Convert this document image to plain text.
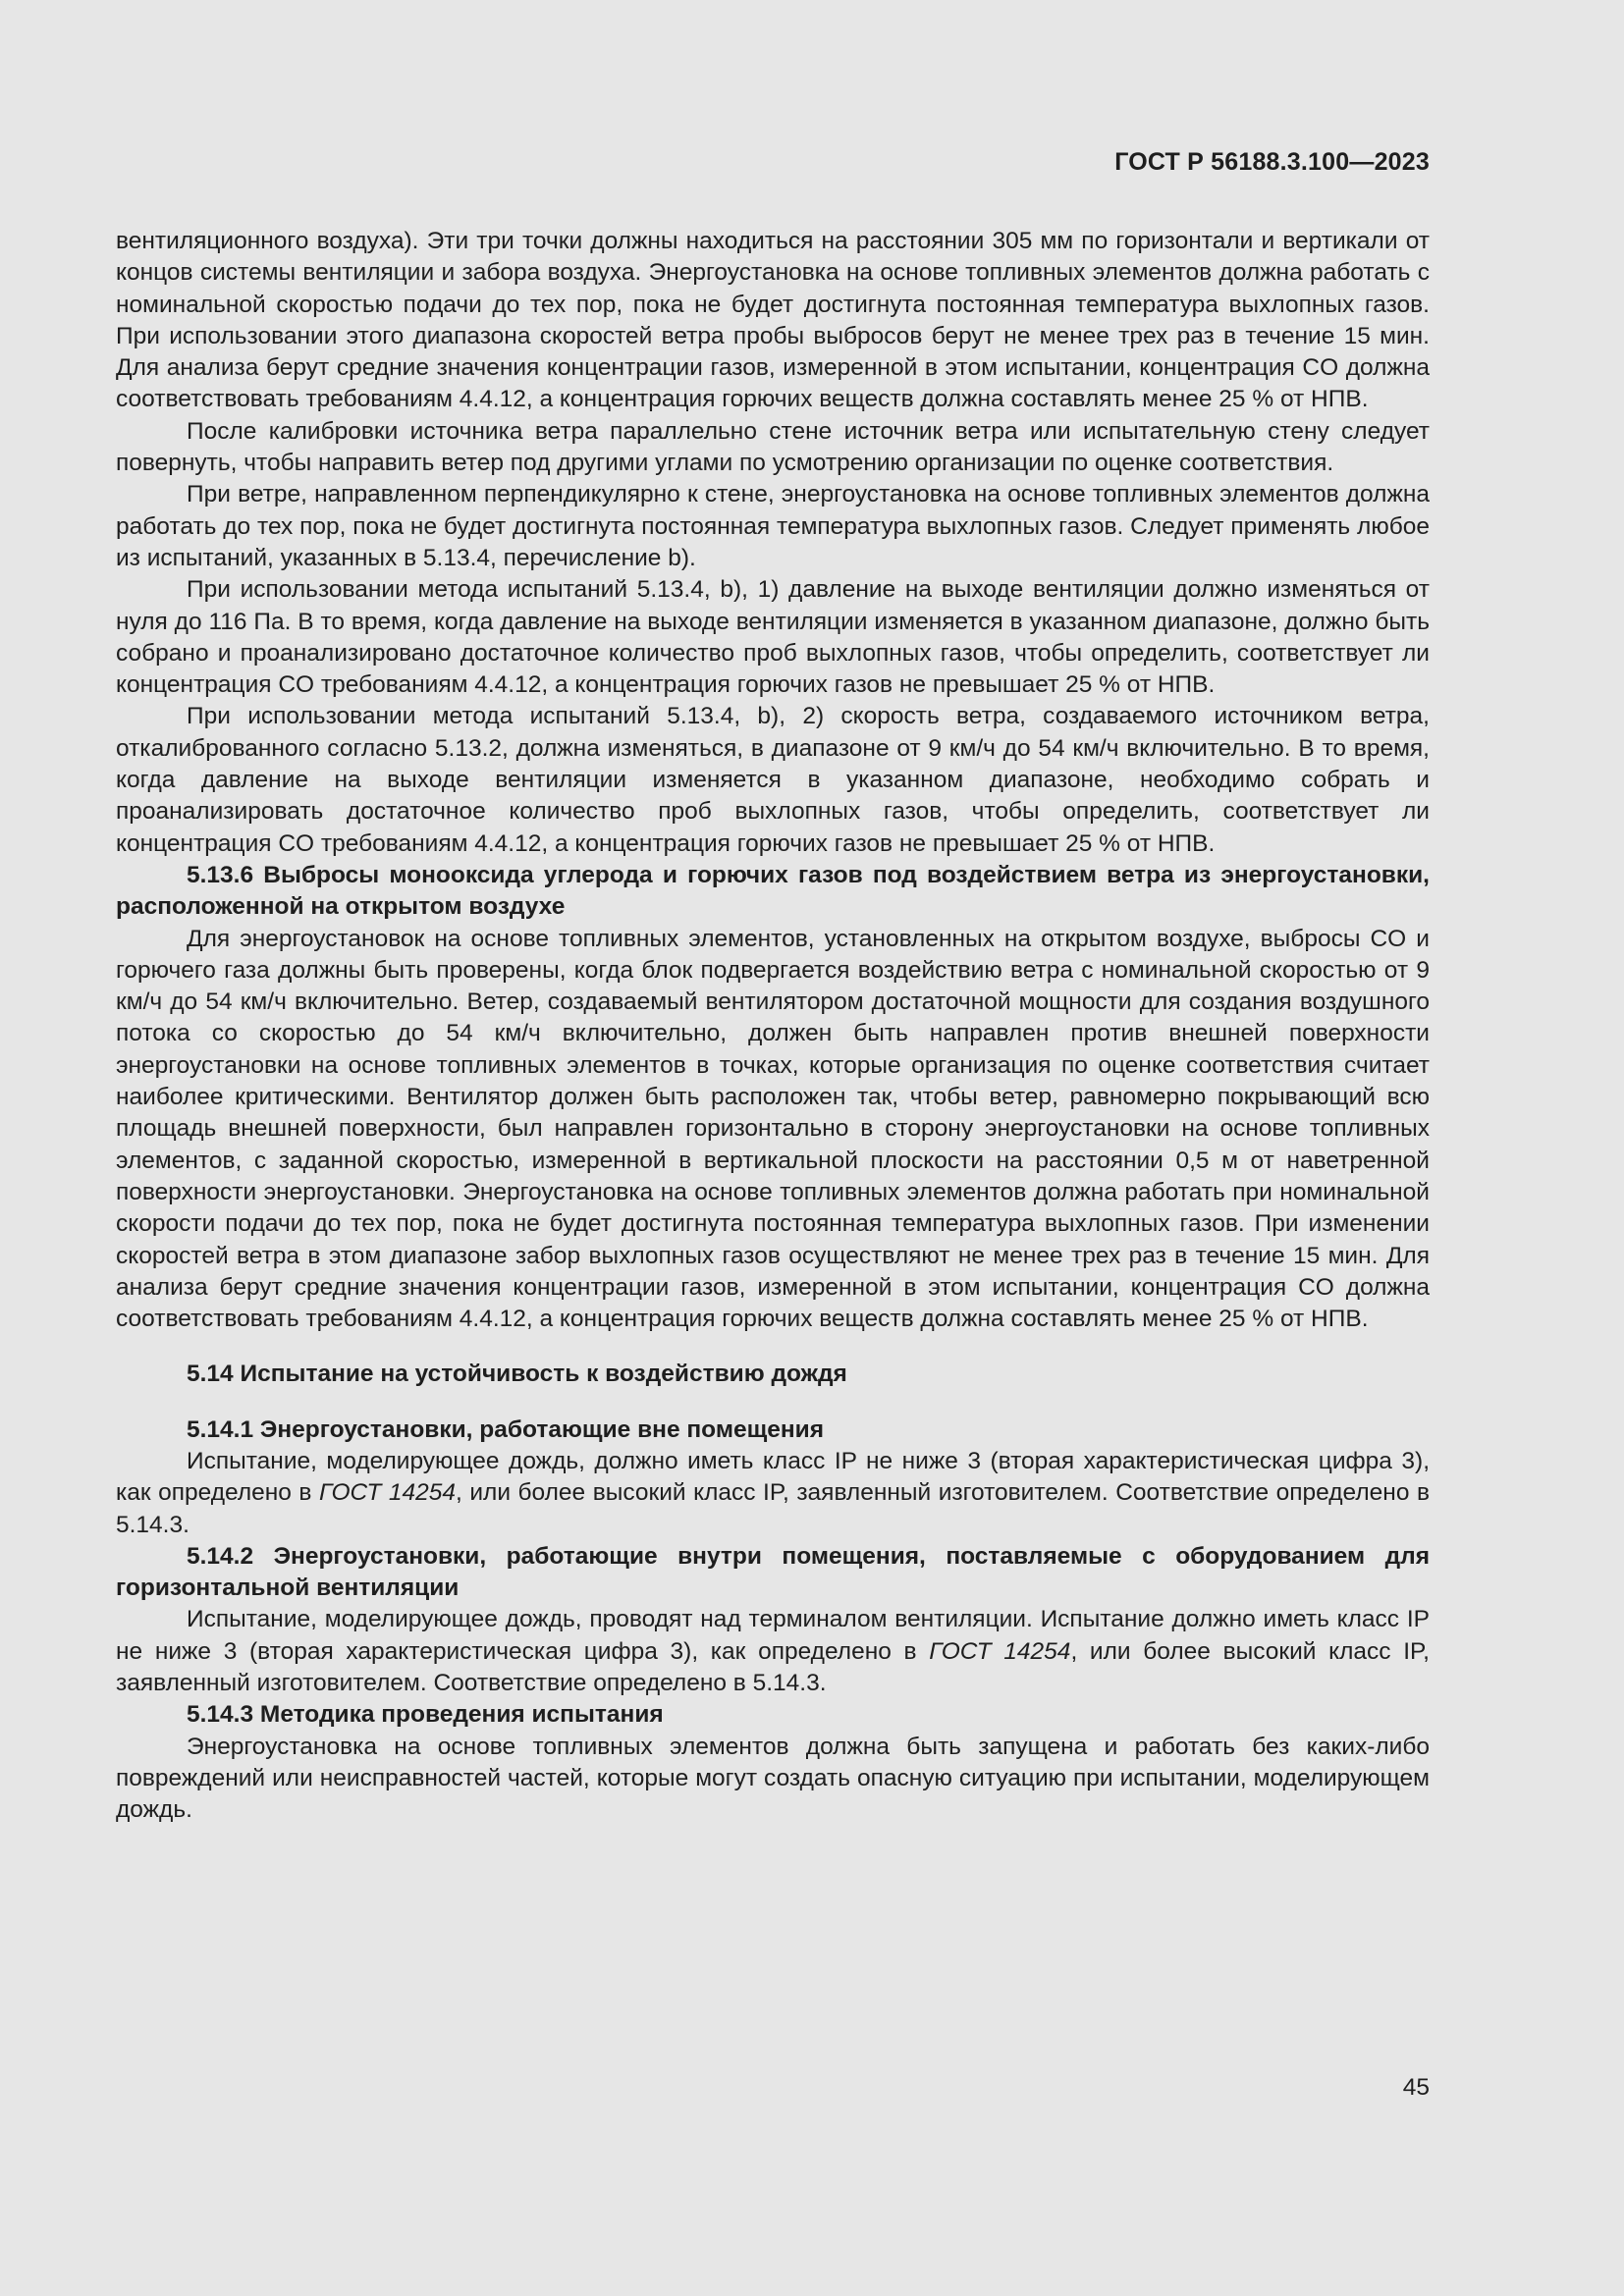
ГОСТ Р 56188.3.100—2023

вентиляционного воздуха). Эти три точки должны находиться на расстоянии 305 мм по горизонтали и вертикали от концов системы вентиляции и забора воздуха. Энергоустановка на основе топливных элементов должна работать с номинальной скоростью подачи до тех пор, пока не будет достигнута постоянная температура выхлопных газов. При использовании этого диапазона скоростей ветра пробы выбросов берут не менее трех раз в течение 15 мин. Для анализа берут средние значения концентрации газов, измеренной в этом испытании, концентрация CO должна соответствовать требованиям 4.4.12, а концентрация горючих веществ должна составлять менее 25 % от НПВ.

После калибровки источника ветра параллельно стене источник ветра или испытательную стену следует повернуть, чтобы направить ветер под другими углами по усмотрению организации по оценке соответствия.

При ветре, направленном перпендикулярно к стене, энергоустановка на основе топливных элементов должна работать до тех пор, пока не будет достигнута постоянная температура выхлопных газов. Следует применять любое из испытаний, указанных в 5.13.4, перечисление b).

При использовании метода испытаний 5.13.4, b), 1) давление на выходе вентиляции должно изменяться от нуля до 116 Па. В то время, когда давление на выходе вентиляции изменяется в указанном диапазоне, должно быть собрано и проанализировано достаточное количество проб выхлопных газов, чтобы определить, соответствует ли концентрация CO требованиям 4.4.12, а концентрация горючих газов не превышает 25 % от НПВ.

При использовании метода испытаний 5.13.4, b), 2) скорость ветра, создаваемого источником ветра, откалиброванного согласно 5.13.2, должна изменяться, в диапазоне от 9 км/ч до 54 км/ч включительно. В то время, когда давление на выходе вентиляции изменяется в указанном диапазоне, необходимо собрать и проанализировать достаточное количество проб выхлопных газов, чтобы определить, соответствует ли концентрация CO требованиям 4.4.12, а концентрация горючих газов не превышает 25 % от НПВ.

5.13.6 Выбросы монооксида углерода и горючих газов под воздействием ветра из энергоустановки, расположенной на открытом воздухе

Для энергоустановок на основе топливных элементов, установленных на открытом воздухе, выбросы CO и горючего газа должны быть проверены, когда блок подвергается воздействию ветра с номинальной скоростью от 9 км/ч до 54 км/ч включительно. Ветер, создаваемый вентилятором достаточной мощности для создания воздушного потока со скоростью до 54 км/ч включительно, должен быть направлен против внешней поверхности энергоустановки на основе топливных элементов в точках, которые организация по оценке соответствия считает наиболее критическими. Вентилятор должен быть расположен так, чтобы ветер, равномерно покрывающий всю площадь внешней поверхности, был направлен горизонтально в сторону энергоустановки на основе топливных элементов, с заданной скоростью, измеренной в вертикальной плоскости на расстоянии 0,5 м от наветренной поверхности энергоустановки. Энергоустановка на основе топливных элементов должна работать при номинальной скорости подачи до тех пор, пока не будет достигнута постоянная температура выхлопных газов. При изменении скоростей ветра в этом диапазоне забор выхлопных газов осуществляют не менее трех раз в течение 15 мин. Для анализа берут средние значения концентрации газов, измеренной в этом испытании, концентрация CO должна соответствовать требованиям 4.4.12, а концентрация горючих веществ должна составлять менее 25 % от НПВ.

5.14 Испытание на устойчивость к воздействию дождя

5.14.1 Энергоустановки, работающие вне помещения

Испытание, моделирующее дождь, должно иметь класс IP не ниже 3 (вторая характеристическая цифра 3), как определено в ГОСТ 14254, или более высокий класс IP, заявленный изготовителем. Соответствие определено в 5.14.3.

5.14.2 Энергоустановки, работающие внутри помещения, поставляемые с оборудованием для горизонтальной вентиляции

Испытание, моделирующее дождь, проводят над терминалом вентиляции. Испытание должно иметь класс IP не ниже 3 (вторая характеристическая цифра 3), как определено в ГОСТ 14254, или более высокий класс IP, заявленный изготовителем. Соответствие определено в 5.14.3.

5.14.3 Методика проведения испытания

Энергоустановка на основе топливных элементов должна быть запущена и работать без каких-либо повреждений или неисправностей частей, которые могут создать опасную ситуацию при испытании, моделирующем дождь.

45
